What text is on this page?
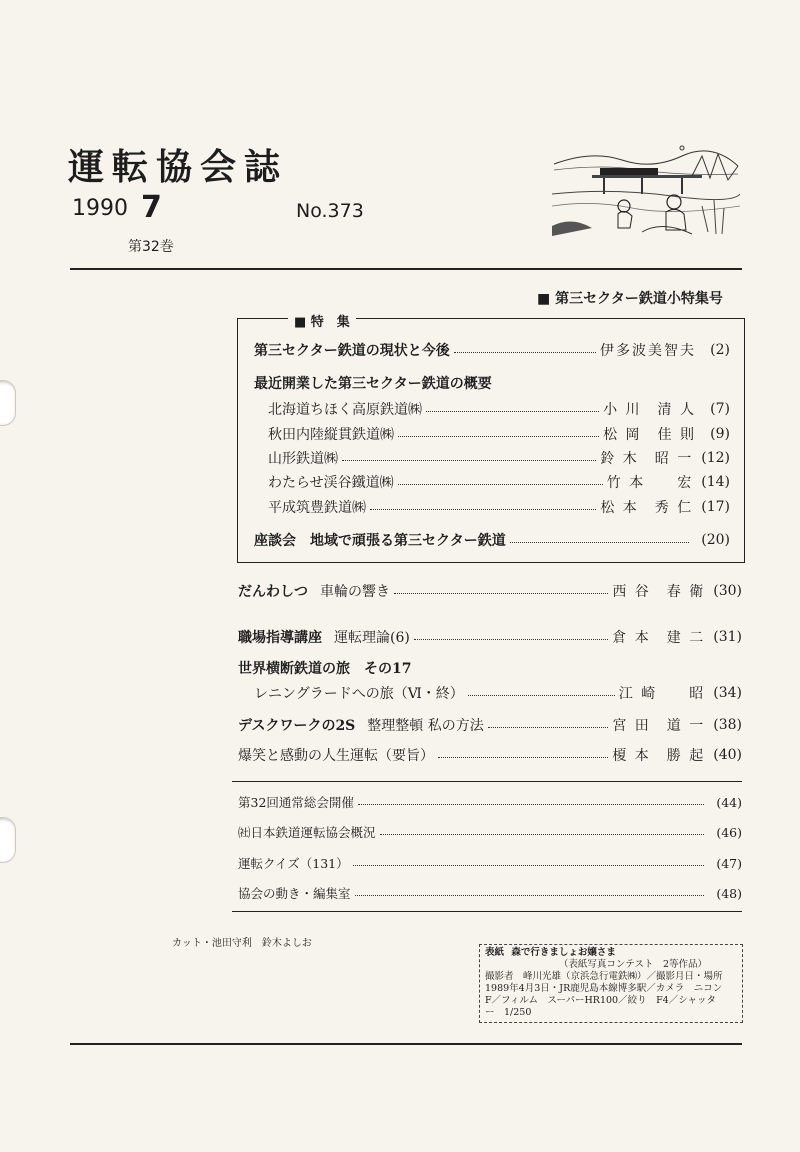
運転協会誌
1990 7	No.373
第32巻
■ 第三セクター鉄道小特集号
■ 特　集
第三セクター鉄道の現状と今後	伊多波美智夫	(2)
最近開業した第三セクター鉄道の概要
北海道ちほく高原鉄道㈱	小 川　清 人	(7)
秋田内陸縦貫鉄道㈱	松 岡　佳 則	(9)
山形鉄道㈱	鈴 木　昭 一 (12)
わたらせ渓谷鐵道㈱	竹 本　　宏 (14)
平成筑豊鉄道㈱	松 本　秀 仁 (17)
座談会　地域で頑張る第三セクター鉄道	(20)
だんわしつ 車輪の響き	西 谷　春 衛 (30)
職場指導講座 運転理論(6)	倉 本　建 二 (31)
世界横断鉄道の旅　その17
レニングラードへの旅（Ⅵ・終）	江 崎　　昭 (34)
デスクワークの2S 整理整頓 私の方法	宮 田　道 一 (38)
爆笑と感動の人生運転（要旨）	榎 本　勝 起 (40)
第32回通常総会開催	(44)
㈳日本鉄道運転協会概況	(46)
運転クイズ（131）	(47)
協会の動き・編集室	(48)
カット・池田守利　鈴木よしお
表紙 森で行きましょお嬢さま
（表紙写真コンテスト　2等作品）
撮影者　峰川光雄（京浜急行電鉄㈱）／撮影月日・場所
1989年4月3日・JR鹿児島本線博多駅／カメラ　ニコン
F／フィルム　スーパーHR100／絞り　F4／シャッタ
ー　1/250
